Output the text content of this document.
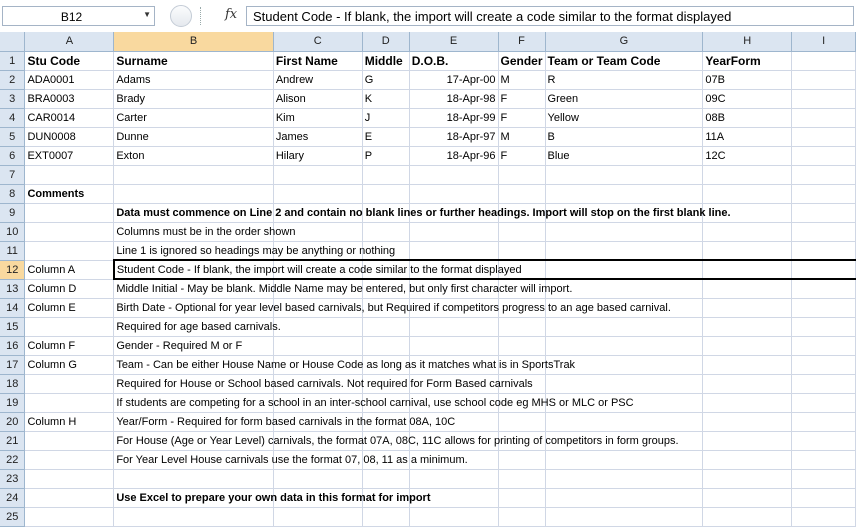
B12	▼	fx Student Code - If blank, the import will create a code similar to the format displayed
	A	B	C	D	E	F	G	H	I
1	Stu Code	Surname	First Name	Middle	D.O.B.	Gender	Team or Team Code	YearForm	
2	ADA0001	Adams	Andrew	G	17-Apr-00	M	R	07B	
3	BRA0003	Brady	Alison	K	18-Apr-98	F	Green	09C	
4	CAR0014	Carter	Kim	J	18-Apr-99	F	Yellow	08B	
5	DUN0008	Dunne	James	E	18-Apr-97	M	B	11A	
6	EXT0007	Exton	Hilary	P	18-Apr-96	F	Blue	12C	
7									
8	Comments								
9		Data must commence on Line 2 and contain no blank lines or further headings. Import will stop on the first blank line.							

10		Columns must be in the order shown							

11		Line 1 is ignored so headings may be anything or nothing							

12	Column A	Student Code - If blank, the import will create a code similar to the format displayed							

13	Column D	Middle Initial - May be blank. Middle Name may be entered, but only first character will import.							

14	Column E	Birth Date - Optional for year level based carnivals, but Required if competitors progress to an age based carnival.							

15		Required for age based carnivals.							

16	Column F	Gender - Required M or F							

17	Column G	Team - Can be either House Name or House Code as long as it matches what is in SportsTrak							

18		Required for House or School based carnivals. Not required for Form Based carnivals							

19		If students are competing for a school in an inter-school carnival, use school code eg MHS or MLC or PSC							

20	Column H	Year/Form - Required for form based carnivals in the format 08A, 10C							

21		For House (Age or Year Level) carnivals, the format 07A, 08C, 11C allows for printing of competitors in form groups.							

22		For Year Level House carnivals use the format 07, 08, 11 as a minimum.							

23									
24		Use Excel to prepare your own data in this format for import							

25									
